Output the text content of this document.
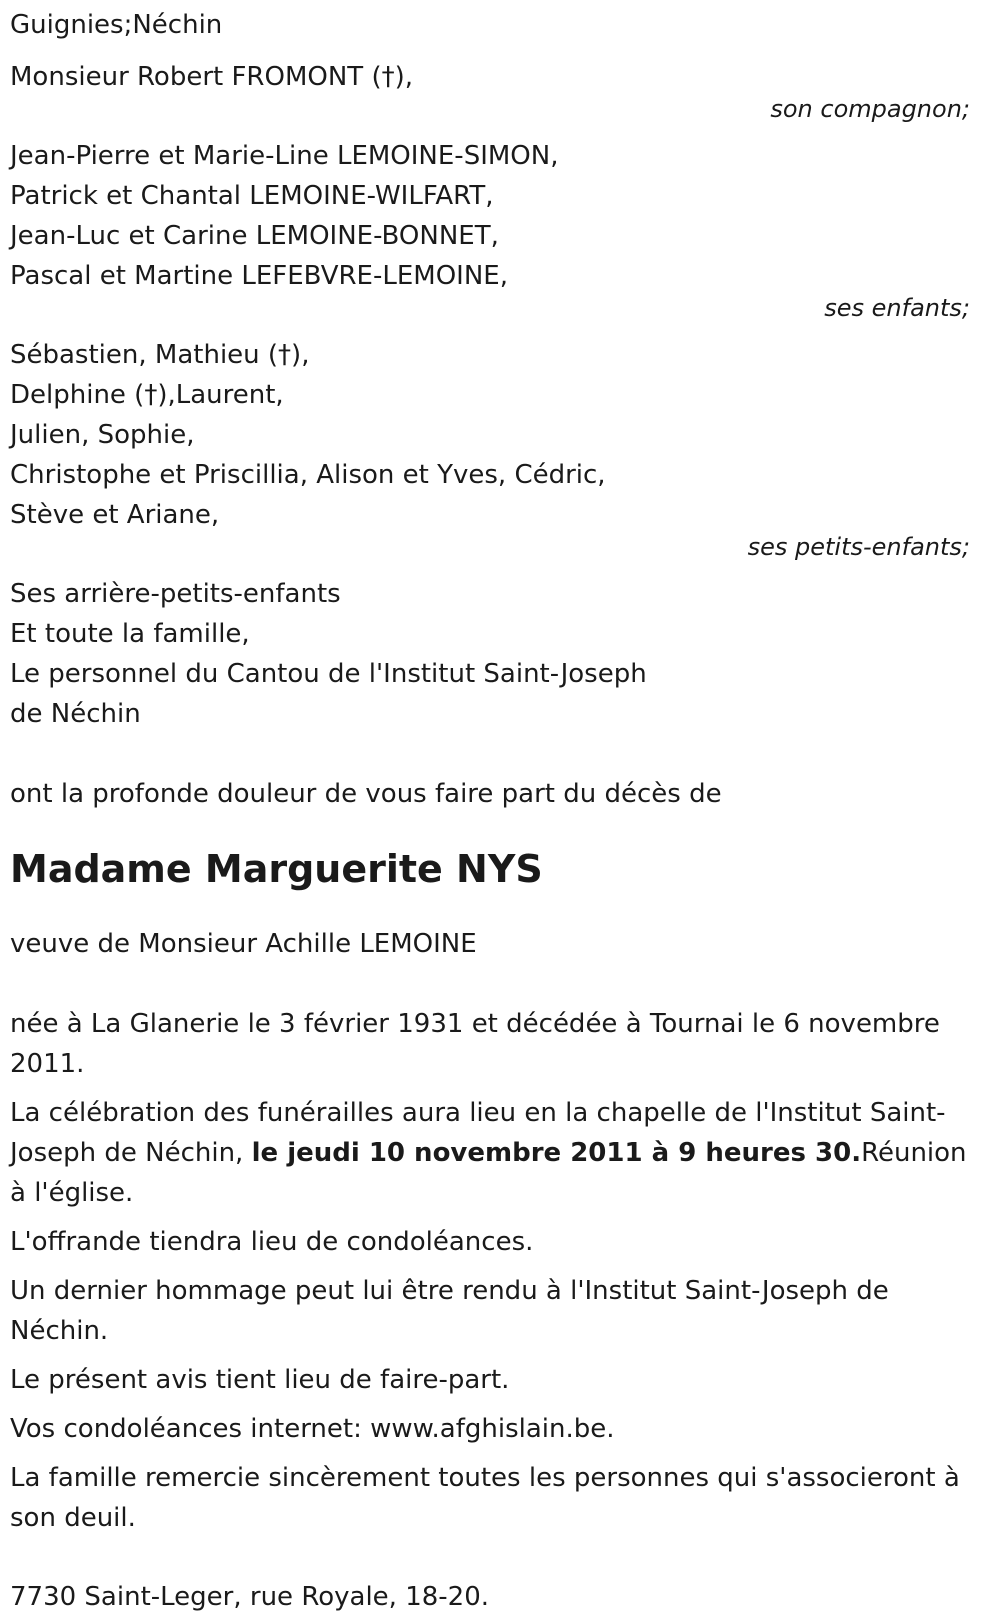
Guignies;Néchin
Monsieur Robert FROMONT (†),
son compagnon;
Jean-Pierre et Marie-Line LEMOINE-SIMON,
Patrick et Chantal LEMOINE-WILFART,
Jean-Luc et Carine LEMOINE-BONNET,
Pascal et Martine LEFEBVRE-LEMOINE,
ses enfants;
Sébastien, Mathieu (†),
Delphine (†),Laurent,
Julien, Sophie,
Christophe et Priscillia, Alison et Yves, Cédric,
Stève et Ariane,
ses petits-enfants;
Ses arrière-petits-enfants
Et toute la famille,
Le personnel du Cantou de l'Institut Saint-Joseph
de Néchin
ont la profonde douleur de vous faire part du décès de
Madame Marguerite NYS
veuve de Monsieur Achille LEMOINE

née à La Glanerie le 3 février 1931 et décédée à Tournai le 6 novembre 2011.

La célébration des funérailles aura lieu en la chapelle de l'Institut Saint-Joseph de Néchin, le jeudi 10 novembre 2011 à 9 heures 30.Réunion à l'église.

L'offrande tiendra lieu de condoléances.

Un dernier hommage peut lui être rendu à l'Institut Saint-Joseph de Néchin.

Le présent avis tient lieu de faire-part.

Vos condoléances internet: www.afghislain.be.

La famille remercie sincèrement toutes les personnes qui s'associeront à son deuil.

7730 Saint-Leger, rue Royale, 18-20.
